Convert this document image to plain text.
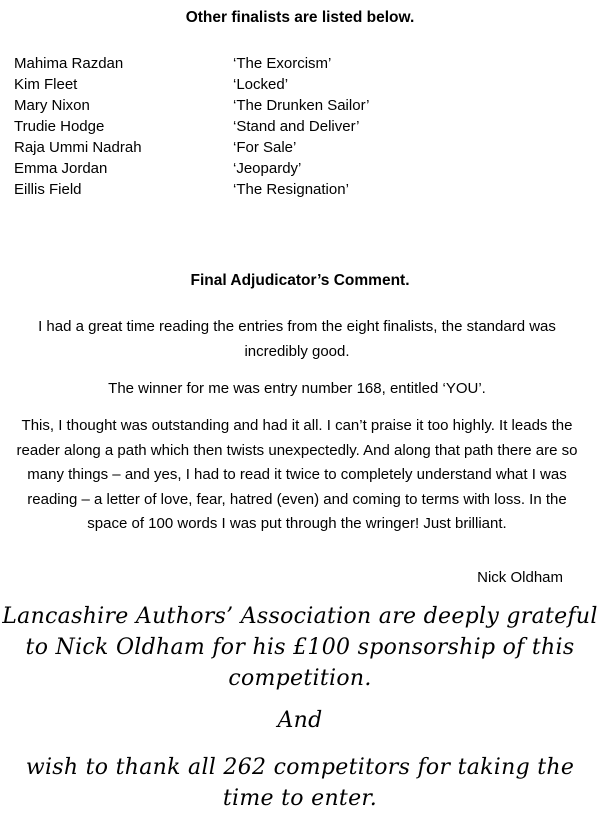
Other finalists are listed below.
Mahima Razdan	‘The Exorcism’
Kim Fleet	‘Locked’
Mary Nixon	‘The Drunken Sailor’
Trudie Hodge	‘Stand and Deliver’
Raja Ummi Nadrah	‘For Sale’
Emma Jordan	‘Jeopardy’
Eillis Field	‘The Resignation’
Final Adjudicator’s Comment.

I had a great time reading the entries from the eight finalists, the standard was incredibly good.

The winner for me was entry number 168, entitled ‘YOU’.

This, I thought was outstanding and had it all. I can’t praise it too highly. It leads the reader along a path which then twists unexpectedly. And along that path there are so many things – and yes, I had to read it twice to completely understand what I was reading – a letter of love, fear, hatred (even) and coming to terms with loss. In the space of 100 words I was put through the wringer! Just brilliant.

Nick Oldham
Lancashire Authors’ Association are deeply grateful to Nick Oldham for his £100 sponsorship of this competition.
And
wish to thank all 262 competitors for taking the time to enter.
